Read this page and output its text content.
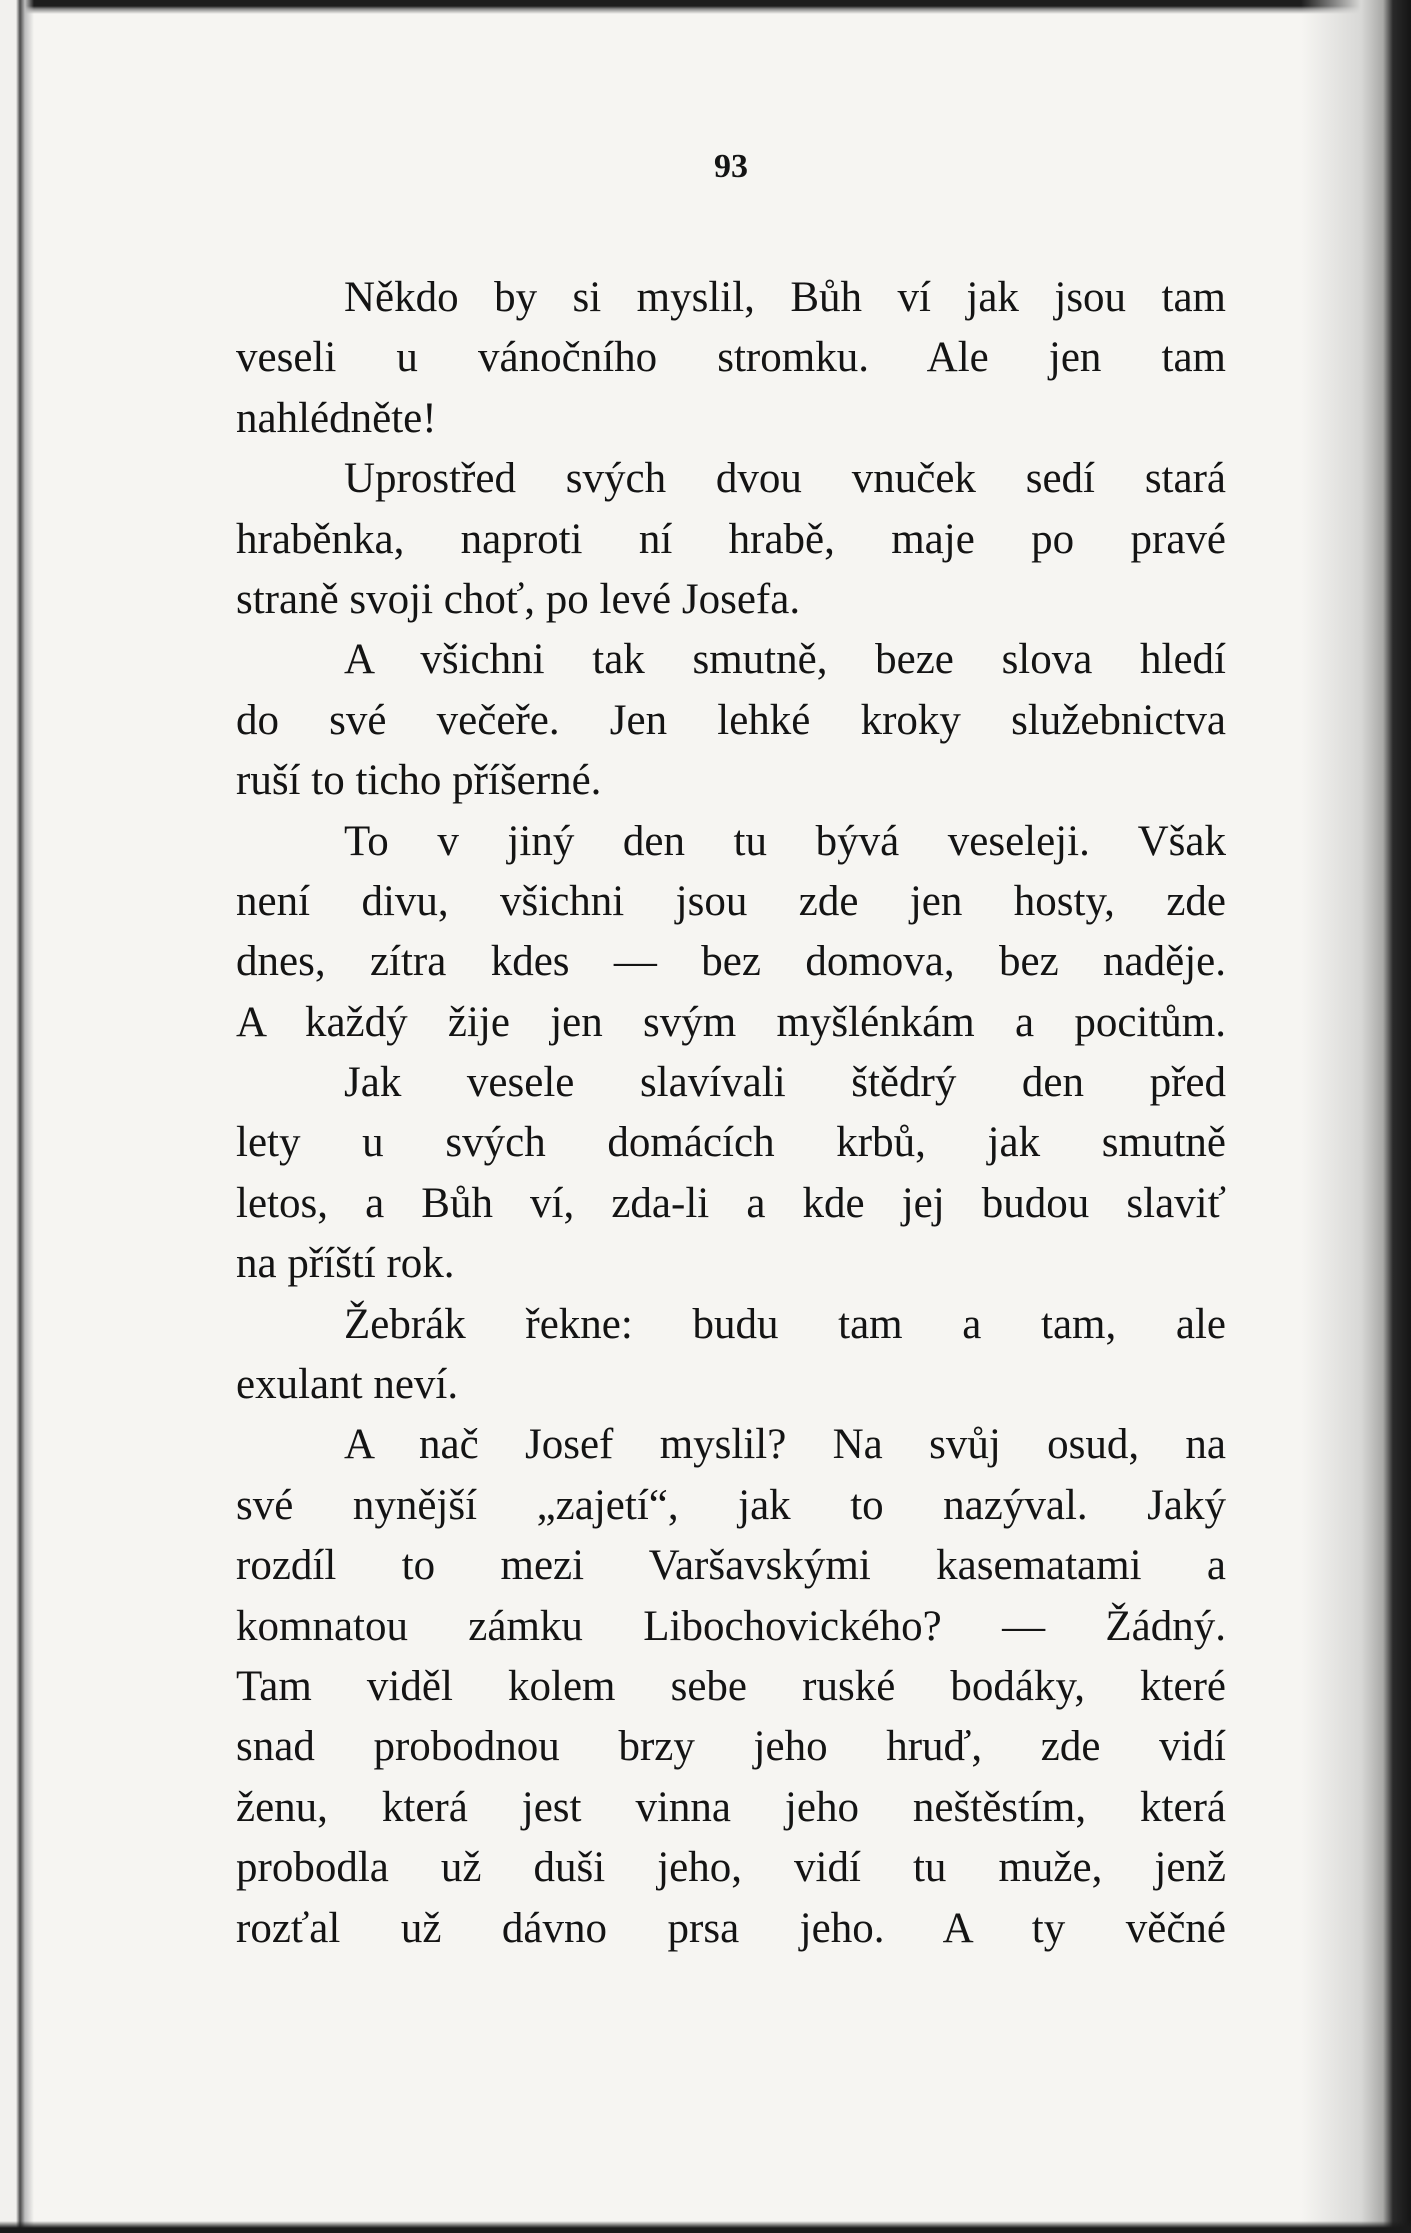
93
Někdo by si myslil, Bůh ví jak jsou tam
veseli u vánočního stromku. Ale jen tam
nahlédněte!
Uprostřed svých dvou vnuček sedí stará
hraběnka, naproti ní hrabě, maje po pravé
straně svoji choť, po levé Josefa.
A všichni tak smutně, beze slova hledí
do své večeře. Jen lehké kroky služebnictva
ruší to ticho příšerné.
To v jiný den tu bývá veseleji. Však
není divu, všichni jsou zde jen hosty, zde
dnes, zítra kdes — bez domova, bez naděje.
A každý žije jen svým myšlénkám a pocitům.
Jak vesele slavívali štědrý den před
lety u svých domácích krbů, jak smutně
letos, a Bůh ví, zda-li a kde jej budou slaviť
na příští rok.
Žebrák řekne: budu tam a tam, ale
exulant neví.
A nač Josef myslil? Na svůj osud, na
své nynější „zajetí“, jak to nazýval. Jaký
rozdíl to mezi Varšavskými kasematami a
komnatou zámku Libochovického? — Žádný.
Tam viděl kolem sebe ruské bodáky, které
snad probodnou brzy jeho hruď, zde vidí
ženu, která jest vinna jeho neštěstím, která
probodla už duši jeho, vidí tu muže, jenž
rozťal už dávno prsa jeho. A ty věčné
